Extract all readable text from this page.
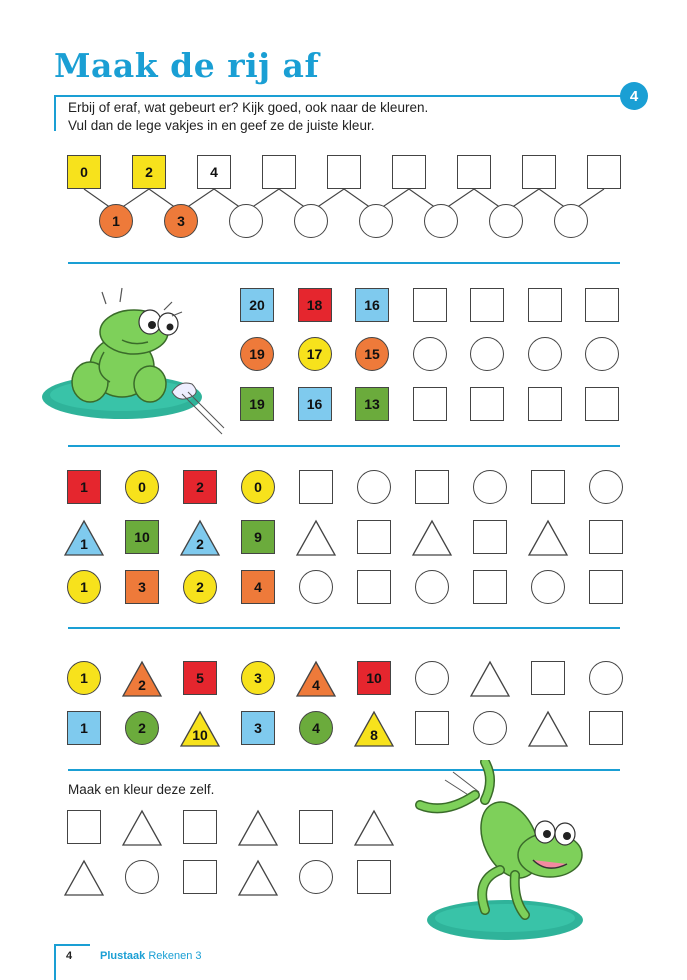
Maak de rij af
4
Erbij of eraf, wat gebeurt er? Kijk goed, ook naar de kleuren.
Vul dan de lege vakjes in en geef ze de juiste kleur.
0	2	4
1	3
20	18	16
19	17	15
19	16	13
1	0	2	0
1	10	2	9
1	3	2	4
1	2	5	3	4	10
1	2	10	3	4	8
Maak en kleur deze zelf.
4	Plustaak Rekenen 3
